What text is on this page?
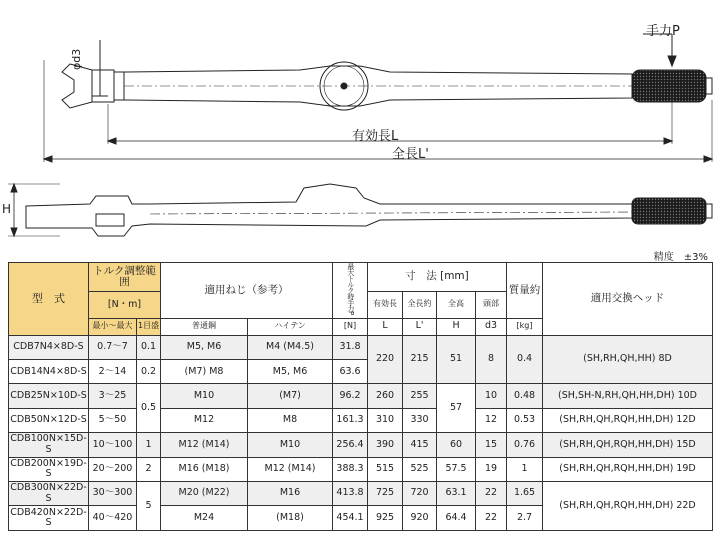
手力P
φd3
有効長L
全長L'
H
精度　±3%
型　式	トルク調整範囲		適用ねじ（参考）		最大トルク時手力P	寸　法 [mm]				質量約	適用交換ヘッド
	[N・m]					有効長	全長約	全高	頭部		
	最小～最大	1目盛	普通鋼	ハイテン	[N]	L	L'	H	d3	[kg]	
CDB7N4×8D-S	0.7～7	0.1	M5, M6	M4 (M4.5)	31.8	220	215	51	8	0.4	(SH,RH,QH,HH) 8D
CDB14N4×8D-S	2～14	0.2	(M7) M8	M5, M6	63.6						
CDB25N×10D-S	3～25	0.5	M10	(M7)	96.2	260	255	57	10	0.48	(SH,SH-N,RH,QH,HH,DH) 10D
CDB50N×12D-S	5～50		M12	M8	161.3	310	330		12	0.53	(SH,RH,QH,RQH,HH,DH) 12D
CDB100N×15D-S	10～100	1	M12 (M14)	M10	256.4	390	415	60	15	0.76	(SH,RH,QH,RQH,HH,DH) 15D
CDB200N×19D-S	20～200	2	M16 (M18)	M12 (M14)	388.3	515	525	57.5	19	1	(SH,RH,QH,RQH,HH,DH) 19D
CDB300N×22D-S	30～300	5	M20 (M22)	M16	413.8	725	720	63.1	22	1.65	(SH,RH,QH,RQH,HH,DH) 22D
CDB420N×22D-S	40～420		M24	(M18)	454.1	925	920	64.4	22	2.7	
